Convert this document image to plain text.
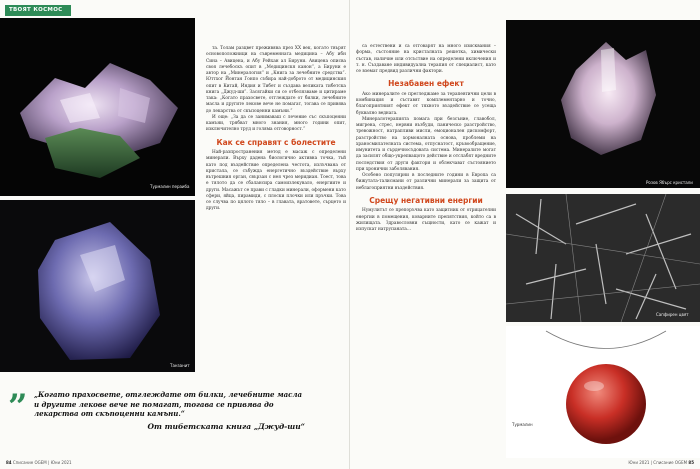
ТВОЯТ КОСМОС
Турмалин пераиба
Танзанит

та. Толам разцвет преживява през XX век, когато твърят основоположници на съвременната медицина – Абу ибн Сина – Авицена, и Абу Рейхан ал Бируни. Авицена описва своя лечебоскъ опит в „Медицинскя канон“, а Бируни е автор на „Минералогия“ и „Книга за лечебните средства“. Юттхог Йонтан Гонпо събира най-доброто от медицинския опит в Китай, Индия и Тибет и създава великата тибетска книга „Джуд-ши“. Засягайки си се отбелязваме и цитираме така: „Когато прахосвете, отглеждате от билки, лечебните масла и другите лекове вече не помагат, тогава се привява до лекарства от скъпоценни камъни.“

И още: „За да се занимаваш с лечение със скъпоценни камъни, трябват много знания, много години опит, изключително труд и голяма отговорност.“

Как се справят с болестите

Най-разпространения метод е масаж с определени минерали. Върху дадена биологично активна точка, тъй като под въздействие определена честота, излъчвана от кристала, се събужда енергетично въздействие върху вътрешния орган, свързан с нея чрез меридиан. Тоест, това е тялото да се сбалансира самоизлекувало, енергиите и други. Масажът се прави с гладки минерали, оформени като сфери, яйца, пирамиди, с плоски плочки или пръчки. Това се случва по цялото тяло – в главата, вратовете, сърцето и други.

” „Когато прахосвете, отглеждате от билки, лечебните масла и другите лекове вече не помагат, тогава се привява до лекарства от скъпоценни камъни.“
От тибетската книга „Джуд-ши“
84 Списание OGEM | Юни 2021

са естествени и са отговарят на много изисквания – форма, състояние на кристалната решетка, химически състав, наличие или отсъствие на определени включения и т. н. Създаване индивидуална терапия от специалист, като се вземат предвид различни фактори.

Незабавен ефект

Ако минералите се прегледжаме за терапевтични цели в комбинация и съставят комплементарно и точно, благоприятният ефект от тяхното въздействие се усеща буквално веднага.

Минералотерапията помага при безсъние, главобол, мигрена, стрес, нервни възбуди, паническо разстройство, тревожност, натрапливи мисли, емоционален дискомфорт, разстройство на хормоналната основа, проблеми на храносмилателната система, отпуснатост, кръвообращение, имунитета и сърдечносъдовата система. Минералите могат да засилят общо-укрепващото действие и отслабят вредните последствия от други фактори и облекчават състоянието при хронични заболявания.

Особено популярни в последните години в Европа са бижутата-талисмани от различни минерали за защита от неблагоприятни въздействия.

Срещу негативни енергии

Нумулитът се препоръчва като защитник от отрицателни енергии в помещения, коварните препятствия, който са в жилищата. Здравословни същности, като се кажат и изпускат натрупаната...

Розов Ябърс кристали
Сапфирен цвят
Турмалин
Юни 2021 | Списание OGEM 85
